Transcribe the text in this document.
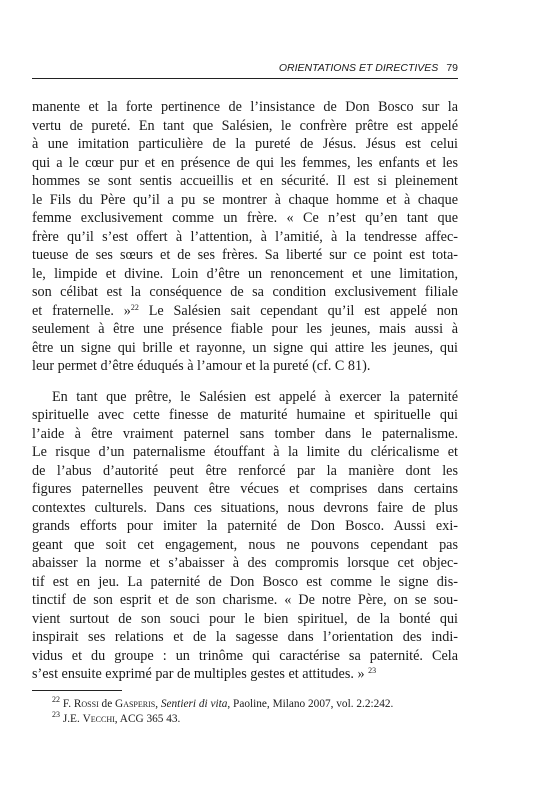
ORIENTATIONS ET DIRECTIVES 79
manente et la forte pertinence de l’insistance de Don Bosco sur la
vertu de pureté. En tant que Salésien, le confrère prêtre est appelé
à une imitation particulière de la pureté de Jésus. Jésus est celui
qui a le cœur pur et en présence de qui les femmes, les enfants et les
hommes se sont sentis accueillis et en sécurité. Il est si pleinement
le Fils du Père qu’il a pu se montrer à chaque homme et à chaque
femme exclusivement comme un frère. « Ce n’est qu’en tant que
frère qu’il s’est offert à l’attention, à l’amitié, à la tendresse affec-
tueuse de ses sœurs et de ses frères. Sa liberté sur ce point est tota-
le, limpide et divine. Loin d’être un renoncement et une limitation,
son célibat est la conséquence de sa condition exclusivement filiale
et fraternelle. »$^{22}$ Le Salésien sait cependant qu’il est appelé non
seulement à être une présence fiable pour les jeunes, mais aussi à
être un signe qui brille et rayonne, un signe qui attire les jeunes, qui
leur permet d’être éduqués à l’amour et la pureté (cf. C 81).
En tant que prêtre, le Salésien est appelé à exercer la paternité
spirituelle avec cette finesse de maturité humaine et spirituelle qui
l’aide à être vraiment paternel sans tomber dans le paternalisme.
Le risque d’un paternalisme étouffant à la limite du cléricalisme et
de l’abus d’autorité peut être renforcé par la manière dont les
figures paternelles peuvent être vécues et comprises dans certains
contextes culturels. Dans ces situations, nous devrons faire de plus
grands efforts pour imiter la paternité de Don Bosco. Aussi exi-
geant que soit cet engagement, nous ne pouvons cependant pas
abaisser la norme et s’abaisser à des compromis lorsque cet objec-
tif est en jeu. La paternité de Don Bosco est comme le signe dis-
tinctif de son esprit et de son charisme. « De notre Père, on se sou-
vient surtout de son souci pour le bien spirituel, de la bonté qui
inspirait ses relations et de la sagesse dans l’orientation des indi-
vidus et du groupe : un trinôme qui caractérise sa paternité. Cela
s’est ensuite exprimé par de multiples gestes et attitudes. » $^{23}$
$^{22}$ F. Rossi de Gasperis, Sentieri di vita, Paoline, Milano 2007, vol. 2.2:242.
$^{23}$ J.E. Vecchi, ACG 365 43.
